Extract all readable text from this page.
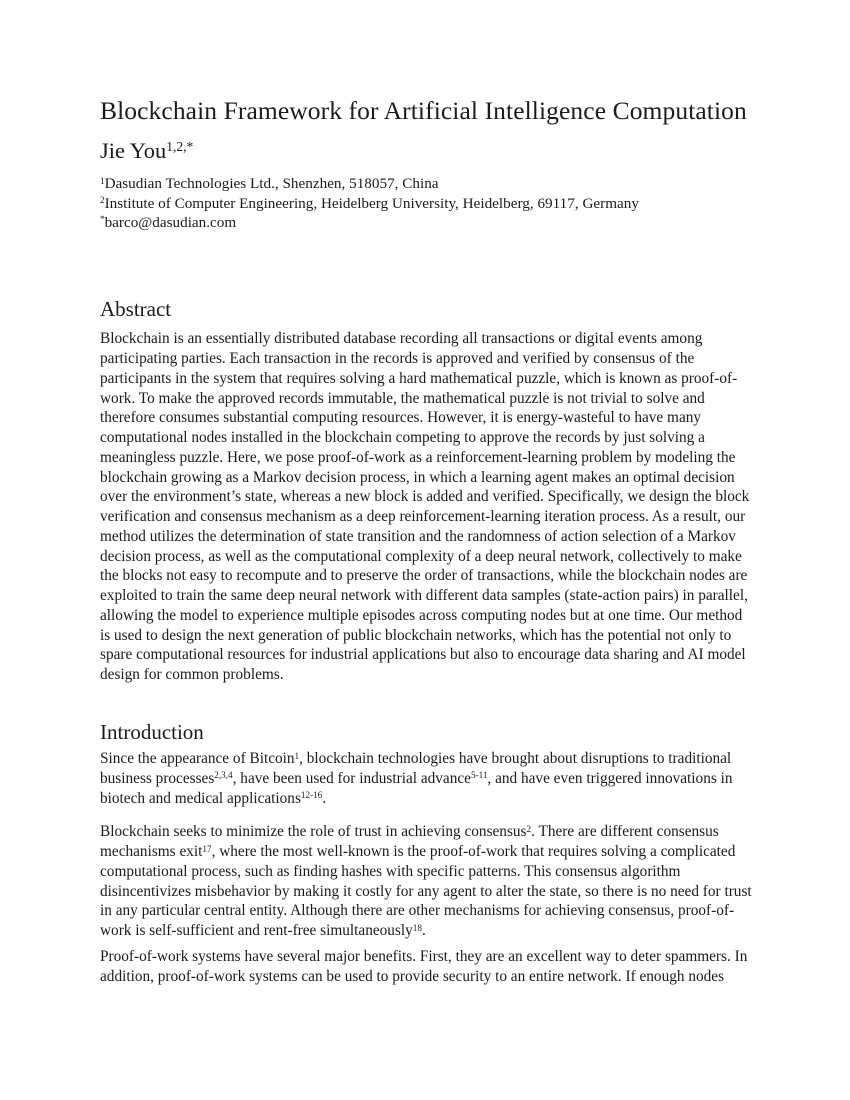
Blockchain Framework for Artificial Intelligence Computation

Jie You$^{1,2,*}$

$^1$Dasudian Technologies Ltd., Shenzhen, 518057, China

$^2$Institute of Computer Engineering, Heidelberg University, Heidelberg, 69117, Germany

*barco@dasudian.com

Abstract

Blockchain is an essentially distributed database recording all transactions or digital events among participating parties. Each transaction in the records is approved and verified by consensus of the participants in the system that requires solving a hard mathematical puzzle, which is known as proof-of-work. To make the approved records immutable, the mathematical puzzle is not trivial to solve and therefore consumes substantial computing resources. However, it is energy-wasteful to have many computational nodes installed in the blockchain competing to approve the records by just solving a meaningless puzzle. Here, we pose proof-of-work as a reinforcement-learning problem by modeling the blockchain growing as a Markov decision process, in which a learning agent makes an optimal decision over the environment’s state, whereas a new block is added and verified. Specifically, we design the block verification and consensus mechanism as a deep reinforcement-learning iteration process. As a result, our method utilizes the determination of state transition and the randomness of action selection of a Markov decision process, as well as the computational complexity of a deep neural network, collectively to make the blocks not easy to recompute and to preserve the order of transactions, while the blockchain nodes are exploited to train the same deep neural network with different data samples (state-action pairs) in parallel, allowing the model to experience multiple episodes across computing nodes but at one time. Our method is used to design the next generation of public blockchain networks, which has the potential not only to spare computational resources for industrial applications but also to encourage data sharing and AI model design for common problems.

Introduction

Since the appearance of Bitcoin$^1$, blockchain technologies have brought about disruptions to traditional business processes$^{2,3,4}$, have been used for industrial advance$^{5-11}$, and have even triggered innovations in biotech and medical applications$^{12-16}$.

Blockchain seeks to minimize the role of trust in achieving consensus$^2$. There are different consensus mechanisms exit$^{17}$, where the most well-known is the proof-of-work that requires solving a complicated computational process, such as finding hashes with specific patterns. This consensus algorithm disincentivizes misbehavior by making it costly for any agent to alter the state, so there is no need for trust in any particular central entity. Although there are other mechanisms for achieving consensus, proof-of-work is self-sufficient and rent-free simultaneously$^{18}$.

Proof-of-work systems have several major benefits. First, they are an excellent way to deter spammers. In addition, proof-of-work systems can be used to provide security to an entire network. If enough nodes
